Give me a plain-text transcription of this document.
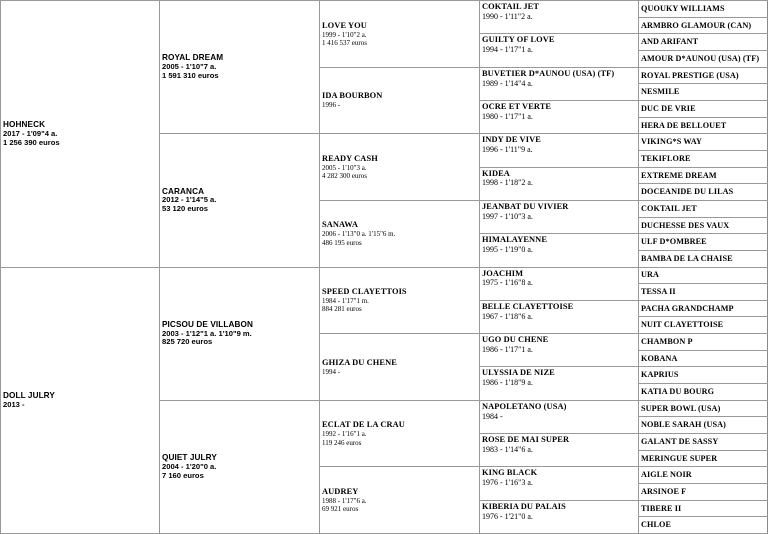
HOHNECK
2017 - 1'09"4 a.
1 256 390 euros
DOLL JULRY
2013 -
ROYAL DREAM
2005 - 1'10"7 a.
1 591 310 euros
CARANCA
2012 - 1'14"5 a.
53 120 euros
PICSOU DE VILLABON
2003 - 1'12"1 a. 1'10"9 m.
825 720 euros
QUIET JULRY
2004 - 1'20"0 a.
7 160 euros
LOVE YOU
1999 - 1'10"2 a.
1 416 537 euros
IDA BOURBON
1996 -
READY CASH
2005 - 1'10"3 a.
4 282 300 euros
SANAWA
2006 - 1'13"0 a. 1'15"6 m.
486 195 euros
SPEED CLAYETTOIS
1984 - 1'17"1 m.
884 281 euros
GHIZA DU CHENE
1994 -
ECLAT DE LA CRAU
1992 - 1'16"1 a.
119 246 euros
AUDREY
1988 - 1'17"6 a.
69 921 euros
COKTAIL JET
1990 - 1'11"2 a.
GUILTY OF LOVE
1994 - 1'17"1 a.
BUVETIER D*AUNOU (USA) (TF)
1989 - 1'14"4 a.
OCRE ET VERTE
1980 - 1'17"1 a.
INDY DE VIVE
1996 - 1'11"9 a.
KIDEA
1998 - 1'18"2 a.
JEANBAT DU VIVIER
1997 - 1'10"3 a.
HIMALAYENNE
1995 - 1'19"0 a.
JOACHIM
1975 - 1'16"8 a.
BELLE CLAYETTOISE
1967 - 1'18"6 a.
UGO DU CHENE
1986 - 1'17"1 a.
ULYSSIA DE NIZE
1986 - 1'18"9 a.
NAPOLETANO (USA)
1984 -
ROSE DE MAI SUPER
1983 - 1'14"6 a.
KING BLACK
1976 - 1'16"3 a.
KIBERIA DU PALAIS
1976 - 1'21"0 a.
QUOUKY WILLIAMS
ARMBRO GLAMOUR (CAN)
AND ARIFANT
AMOUR D*AUNOU (USA) (TF)
ROYAL PRESTIGE (USA)
NESMILE
DUC DE VRIE
HERA DE BELLOUET
VIKING*S WAY
TEKIFLORE
EXTREME DREAM
DOCEANIDE DU LILAS
COKTAIL JET
DUCHESSE DES VAUX
ULF D*OMBREE
BAMBA DE LA CHAISE
URA
TESSA II
PACHA GRANDCHAMP
NUIT CLAYETTOISE
CHAMBON P
KOBANA
KAPRIUS
KATIA DU BOURG
SUPER BOWL (USA)
NOBLE SARAH (USA)
GALANT DE SASSY
MERINGUE SUPER
AIGLE NOIR
ARSINOE F
TIBERE II
CHLOE
